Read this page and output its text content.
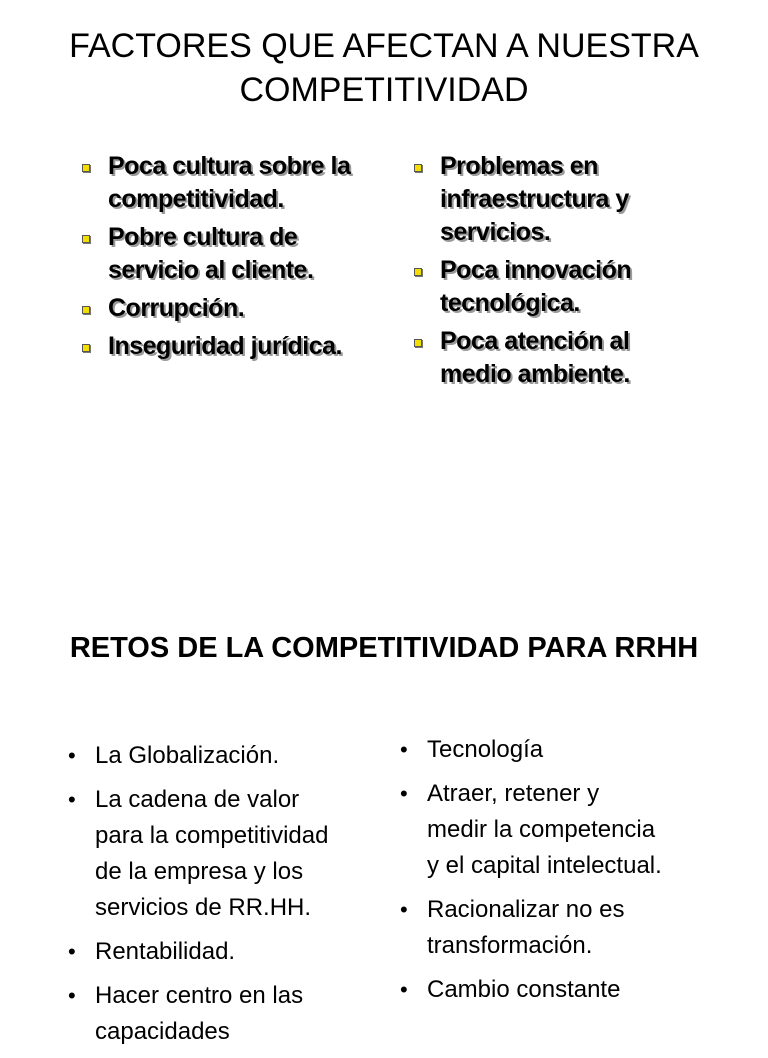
FACTORES QUE AFECTAN A NUESTRA
COMPETITIVIDAD
Poca cultura sobre la
competitividad.
Pobre cultura de
servicio al cliente.
Corrupción.
Inseguridad jurídica.
Problemas en
infraestructura y
servicios.
Poca innovación
tecnológica.
Poca atención al
medio ambiente.
RETOS DE LA COMPETITIVIDAD PARA RRHH
• La Globalización.
• La cadena de valor
para la competitividad
de la empresa y los
servicios de RR.HH.
• Rentabilidad.
• Hacer centro en las
capacidades
• Tecnología
• Atraer, retener y
medir la competencia
y el capital intelectual.
• Racionalizar no es
transformación.
• Cambio constante
